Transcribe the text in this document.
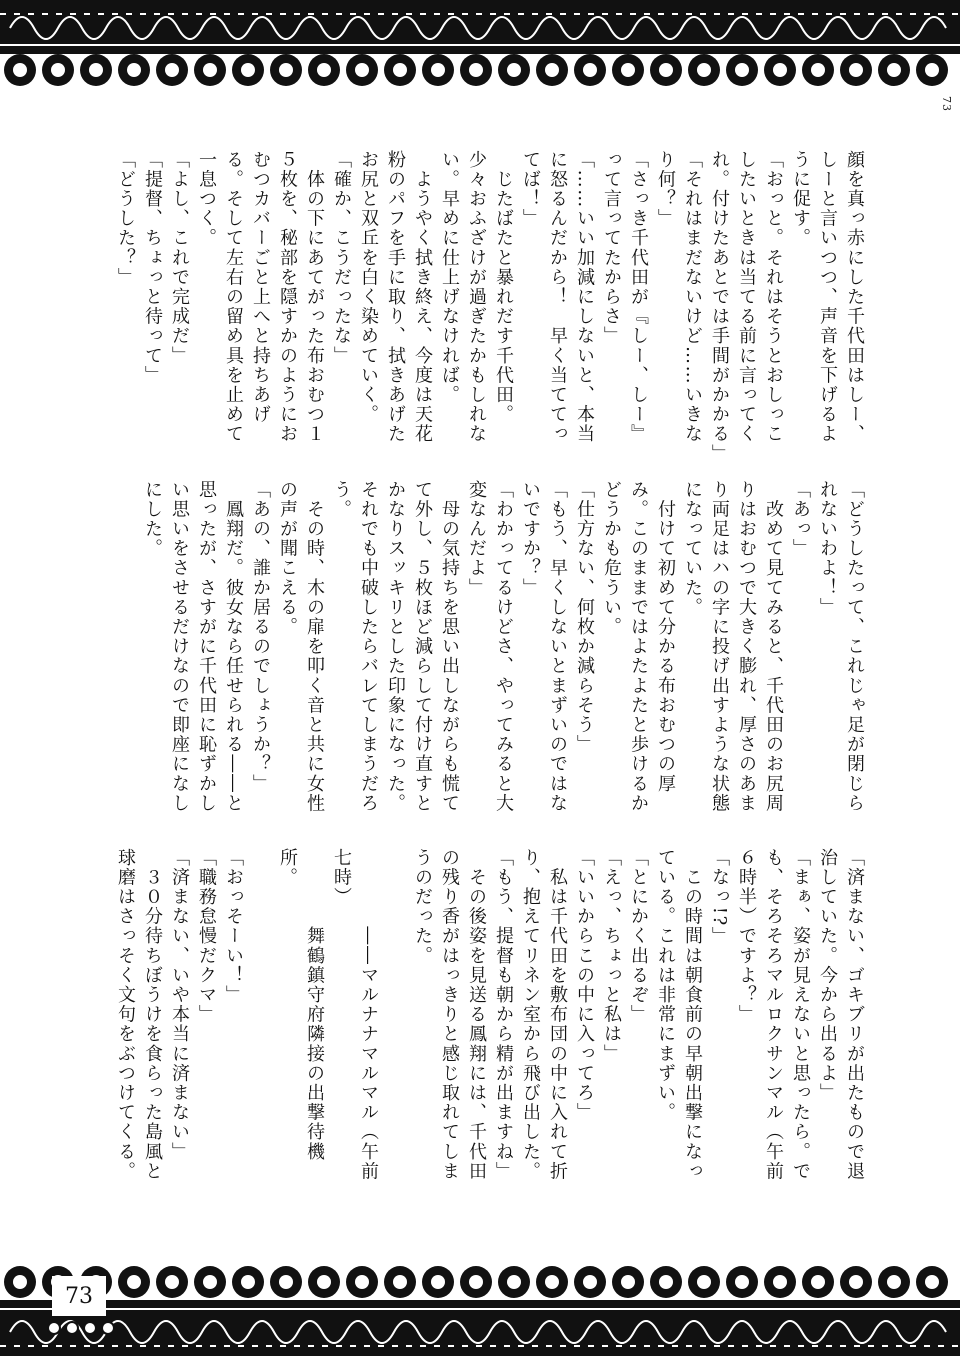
73

顔を真っ赤にした千代田はしー、しーと言いつつ、声音を下げるように促す。

「おっと。それはそうとおしっこしたいときは当てる前に言ってくれ。付けたあとでは手間がかかる」

「それはまだないけど……いきなり何？」

「さっき千代田が『しー、しー』って言ってたからさ」

「……いい加減にしないと、本当に怒るんだから！　早く当ててってば！」

　じたばたと暴れだす千代田。少々おふざけが過ぎたかもしれない。早めに仕上げなければ。

　ようやく拭き終え、今度は天花粉のパフを手に取り、拭きあげたお尻と双丘を白く染めていく。

「確か、こうだったな」

　体の下にあてがった布おむつ１５枚を、秘部を隠すかのようにおむつカバーごと上へと持ちあげる。そして左右の留め具を止めて一息つく。

「よし、これで完成だ」

「提督、ちょっと待って」

「どうした？」

「どうしたって、これじゃ足が閉じられないわよ！」

「あっ」

　改めて見てみると、千代田のお尻周りはおむつで大きく膨れ、厚さのあまり両足はハの字に投げ出すような状態になっていた。

　付けて初めて分かる布おむつの厚み。このままではよたよたと歩けるかどうかも危うい。

「仕方ない、何枚か減らそう」

「もう、早くしないとまずいのではないですか？」

「わかってるけどさ、やってみると大変なんだよ」

　母の気持ちを思い出しながらも慌てて外し、５枚ほど減らして付け直すとかなりスッキリとした印象になった。それでも中破したらバレてしまうだろう。

　その時、木の扉を叩く音と共に女性の声が聞こえる。

「あの、誰か居るのでしょうか？」

　鳳翔だ。彼女なら任せられる――と思ったが、さすがに千代田に恥ずかしい思いをさせるだけなので即座になしにした。

「済まない、ゴキブリが出たもので退治していた。今から出るよ」

「まぁ、姿が見えないと思ったら。でも、そろそろマルロクサンマル（午前６時半）ですよ？」

「なっ!?」

　この時間は朝食前の早朝出撃になっている。これは非常にまずい。

「とにかく出るぞ」

「えっ、ちょっと私は」

「いいからこの中に入ってろ」

　私は千代田を敷布団の中に入れて折り、抱えてリネン室から飛び出した。

「もう、提督も朝から精が出ますね」

　その後姿を見送る鳳翔には、千代田の残り香がはっきりと感じ取れてしまうのだった。

　　　　――マルナナマルマル（午前七時）

　　　　舞鶴鎮守府隣接の出撃待機所。

「おっそーい！」

「職務怠慢だクマ」

「済まない、いや本当に済まない」

　３０分待ちぼうけを食らった島風と球磨はさっそく文句をぶつけてくる。

73
